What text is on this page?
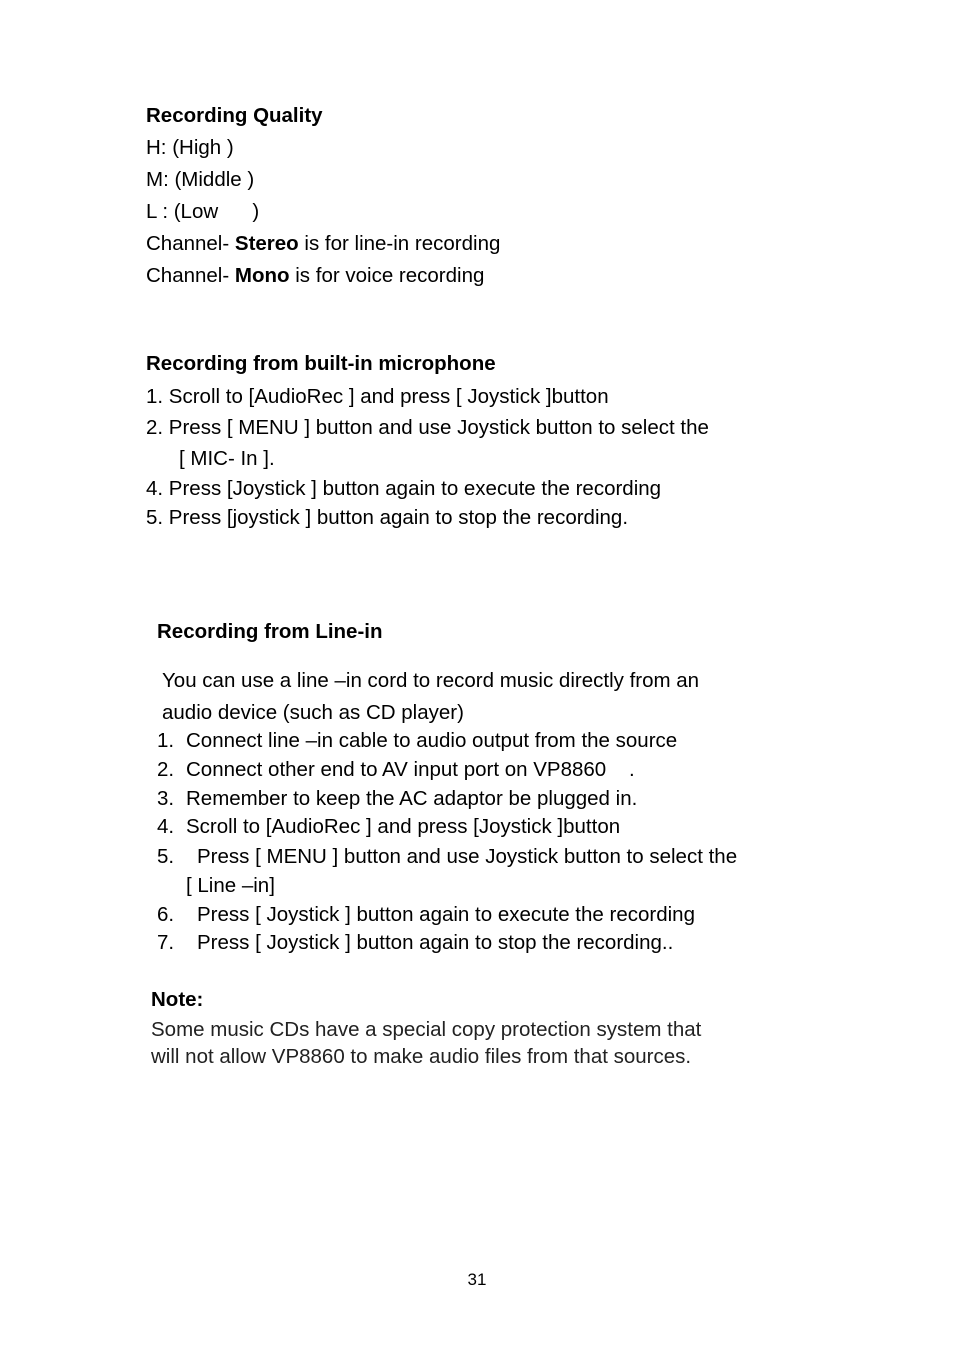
Recording Quality
H: (High )
M: (Middle )
L : (Low      )
Channel- Stereo is for line-in recording
Channel- Mono is for voice recording
Recording from built-in microphone
1. Scroll to [AudioRec ] and press [ Joystick ]button
2. Press [ MENU ] button and use Joystick button to select the
[ MIC- In ].
4. Press [Joystick ] button again to execute the recording
5. Press [joystick ] button again to stop the recording.
Recording from Line-in
You can use a line –in cord to record music directly from an
audio device (such as CD player)
1. Connect line –in cable to audio output from the source
2. Connect other end to AV input port on VP8860    .
3. Remember to keep the AC adaptor be plugged in.
4. Scroll to [AudioRec ] and press [Joystick ]button
5. Press [ MENU ] button and use Joystick button to select the
[ Line –in]
6. Press [ Joystick ] button again to execute the recording
7. Press [ Joystick ] button again to stop the recording..
Note:
Some music CDs have a special copy protection system that
will not allow VP8860 to make audio files from that sources.
31
